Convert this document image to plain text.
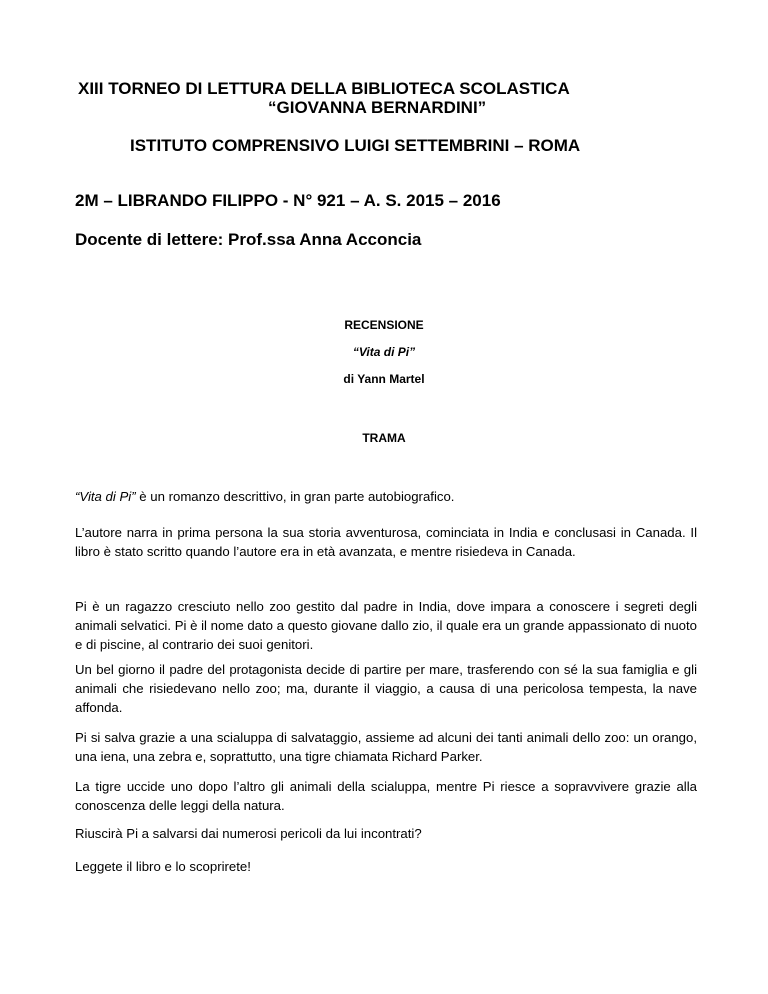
XIII TORNEO DI LETTURA DELLA BIBLIOTECA SCOLASTICA
“GIOVANNA BERNARDINI”
ISTITUTO COMPRENSIVO LUIGI SETTEMBRINI – ROMA
2M – LIBRANDO FILIPPO - N° 921 – A. S. 2015 – 2016
Docente di lettere: Prof.ssa Anna Acconcia
RECENSIONE
“Vita di Pi”
di Yann Martel
TRAMA

“Vita di Pi” è un romanzo descrittivo, in gran parte autobiografico.

L’autore narra in prima persona la sua storia avventurosa, cominciata in India e conclusasi in Canada. Il libro è stato scritto quando l’autore era in età avanzata, e mentre risiedeva in Canada.

Pi è un ragazzo cresciuto nello zoo gestito dal padre in India, dove impara a conoscere i segreti degli animali selvatici. Pi è il nome dato a questo giovane dallo zio, il quale era un grande appassionato di nuoto e di piscine, al contrario dei suoi genitori.

Un bel giorno il padre del protagonista decide di partire per mare, trasferendo con sé la sua famiglia e gli animali che risiedevano nello zoo; ma, durante il viaggio, a causa di una pericolosa tempesta, la nave affonda.

Pi si salva grazie a una scialuppa di salvataggio, assieme ad alcuni dei tanti animali dello zoo: un orango, una iena, una zebra e, soprattutto, una tigre chiamata Richard Parker.

La tigre uccide uno dopo l’altro gli animali della scialuppa, mentre Pi riesce a sopravvivere grazie alla conoscenza delle leggi della natura.

Riuscirà Pi a salvarsi dai numerosi pericoli da lui incontrati?

Leggete il libro e lo scoprirete!
